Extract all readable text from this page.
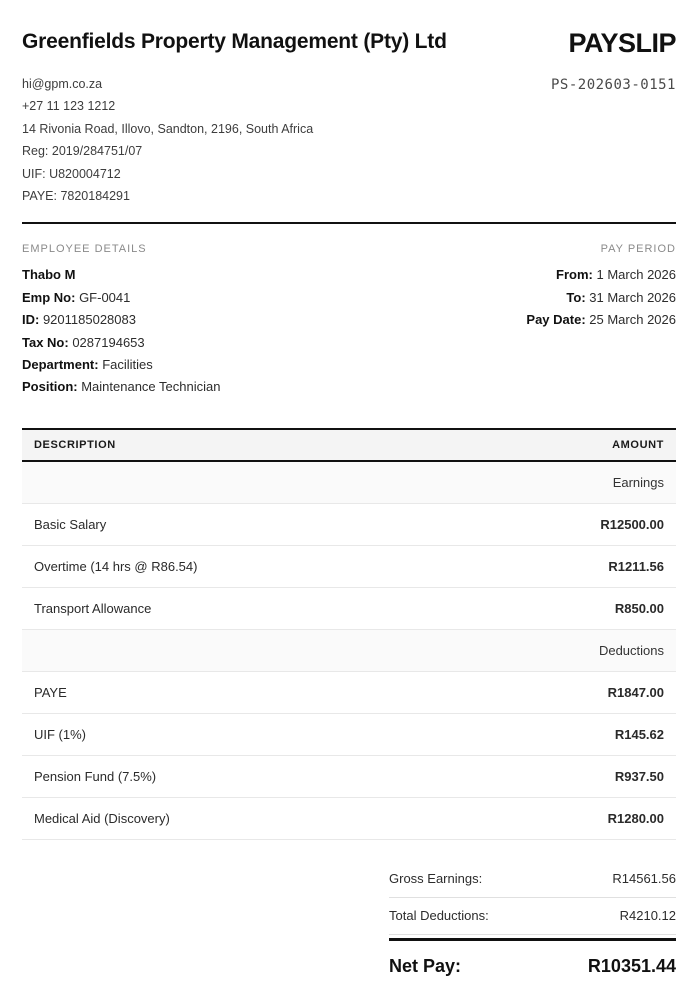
Greenfields Property Management (Pty) Ltd	PAYSLIP
hi@gpm.co.za
+27 11 123 1212
14 Rivonia Road, Illovo, Sandton, 2196, South Africa
Reg: 2019/284751/07
UIF: U820004712
PAYE: 7820184291
PS-202603-0151
EMPLOYEE DETAILS
Thabo M
Emp No: GF-0041
ID: 9201185028083
Tax No: 0287194653
Department: Facilities
Position: Maintenance Technician
PAY PERIOD
From: 1 March 2026
To: 31 March 2026
Pay Date: 25 March 2026
DESCRIPTION	AMOUNT
	Earnings
Basic Salary	R12500.00
Overtime (14 hrs @ R86.54)	R1211.56
Transport Allowance	R850.00
	Deductions
PAYE	R1847.00
UIF (1%)	R145.62
Pension Fund (7.5%)	R937.50
Medical Aid (Discovery)	R1280.00
Gross Earnings:	R14561.56
Total Deductions:	R4210.12
Net Pay:	R10351.44
